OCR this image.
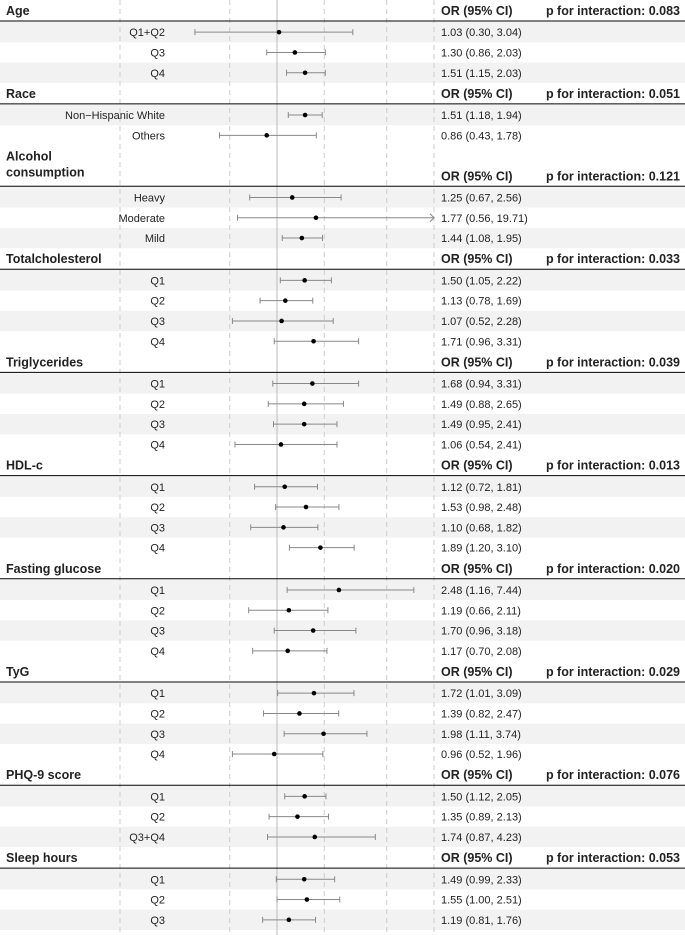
Age	OR (95% CI)	p for interaction: 0.083
Q1+Q2	1.03 (0.30, 3.04)
Q3	1.30 (0.86, 2.03)
Q4	1.51 (1.15, 2.03)
Race	OR (95% CI)	p for interaction: 0.051
Non−Hispanic White	1.51 (1.18, 1.94)
Others	0.86 (0.43, 1.78)
Alcohol consumption	OR (95% CI)	p for interaction: 0.121
Heavy	1.25 (0.67, 2.56)
Moderate	1.77 (0.56, 19.71)
Mild	1.44 (1.08, 1.95)
Totalcholesterol	OR (95% CI)	p for interaction: 0.033
Q1	1.50 (1.05, 2.22)
Q2	1.13 (0.78, 1.69)
Q3	1.07 (0.52, 2.28)
Q4	1.71 (0.96, 3.31)
Triglycerides	OR (95% CI)	p for interaction: 0.039
Q1	1.68 (0.94, 3.31)
Q2	1.49 (0.88, 2.65)
Q3	1.49 (0.95, 2.41)
Q4	1.06 (0.54, 2.41)
HDL-c	OR (95% CI)	p for interaction: 0.013
Q1	1.12 (0.72, 1.81)
Q2	1.53 (0.98, 2.48)
Q3	1.10 (0.68, 1.82)
Q4	1.89 (1.20, 3.10)
Fasting glucose	OR (95% CI)	p for interaction: 0.020
Q1	2.48 (1.16, 7.44)
Q2	1.19 (0.66, 2.11)
Q3	1.70 (0.96, 3.18)
Q4	1.17 (0.70, 2.08)
TyG	OR (95% CI)	p for interaction: 0.029
Q1	1.72 (1.01, 3.09)
Q2	1.39 (0.82, 2.47)
Q3	1.98 (1.11, 3.74)
Q4	0.96 (0.52, 1.96)
PHQ-9 score	OR (95% CI)	p for interaction: 0.076
Q1	1.50 (1.12, 2.05)
Q2	1.35 (0.89, 2.13)
Q3+Q4	1.74 (0.87, 4.23)
Sleep hours	OR (95% CI)	p for interaction: 0.053
Q1	1.49 (0.99, 2.33)
Q2	1.55 (1.00, 2.51)
Q3	1.19 (0.81, 1.76)
